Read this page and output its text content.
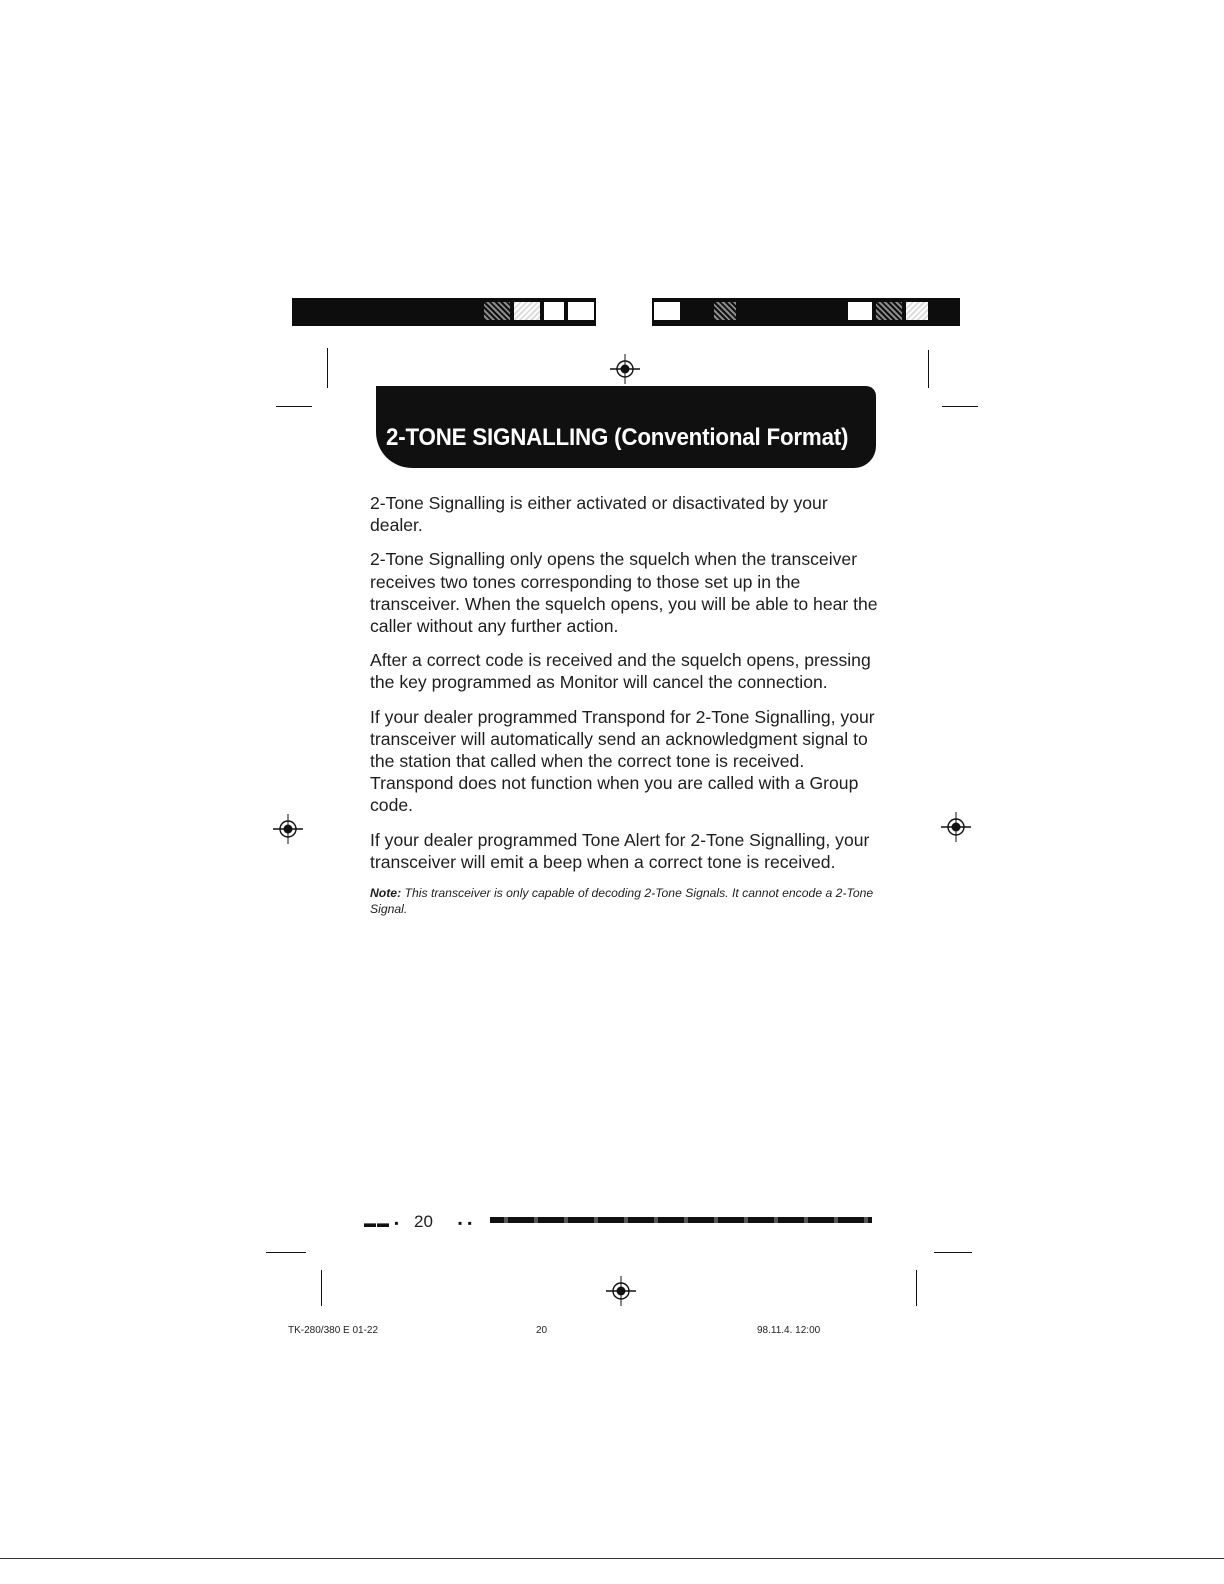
2-TONE SIGNALLING (Conventional Format)

2-Tone Signalling is either activated or disactivated by your dealer.

2-Tone Signalling only opens the squelch when the transceiver receives two tones corresponding to those set up in the transceiver. When the squelch opens, you will be able to hear the caller without any further action.

After a correct code is received and the squelch opens, pressing the key programmed as Monitor will cancel the connection.

If your dealer programmed Transpond for 2-Tone Signalling, your transceiver will automatically send an acknowledgment signal to the station that called when the correct tone is received. Transpond does not function when you are called with a Group code.

If your dealer programmed Tone Alert for 2-Tone Signalling, your transceiver will emit a beep when a correct tone is received.

Note: This transceiver is only capable of decoding 2-Tone Signals. It cannot encode a 2-Tone Signal.
▬▬ ▪ 20 ▪ ▪
TK-280/380 E 01-22	20	98.11.4. 12:00
